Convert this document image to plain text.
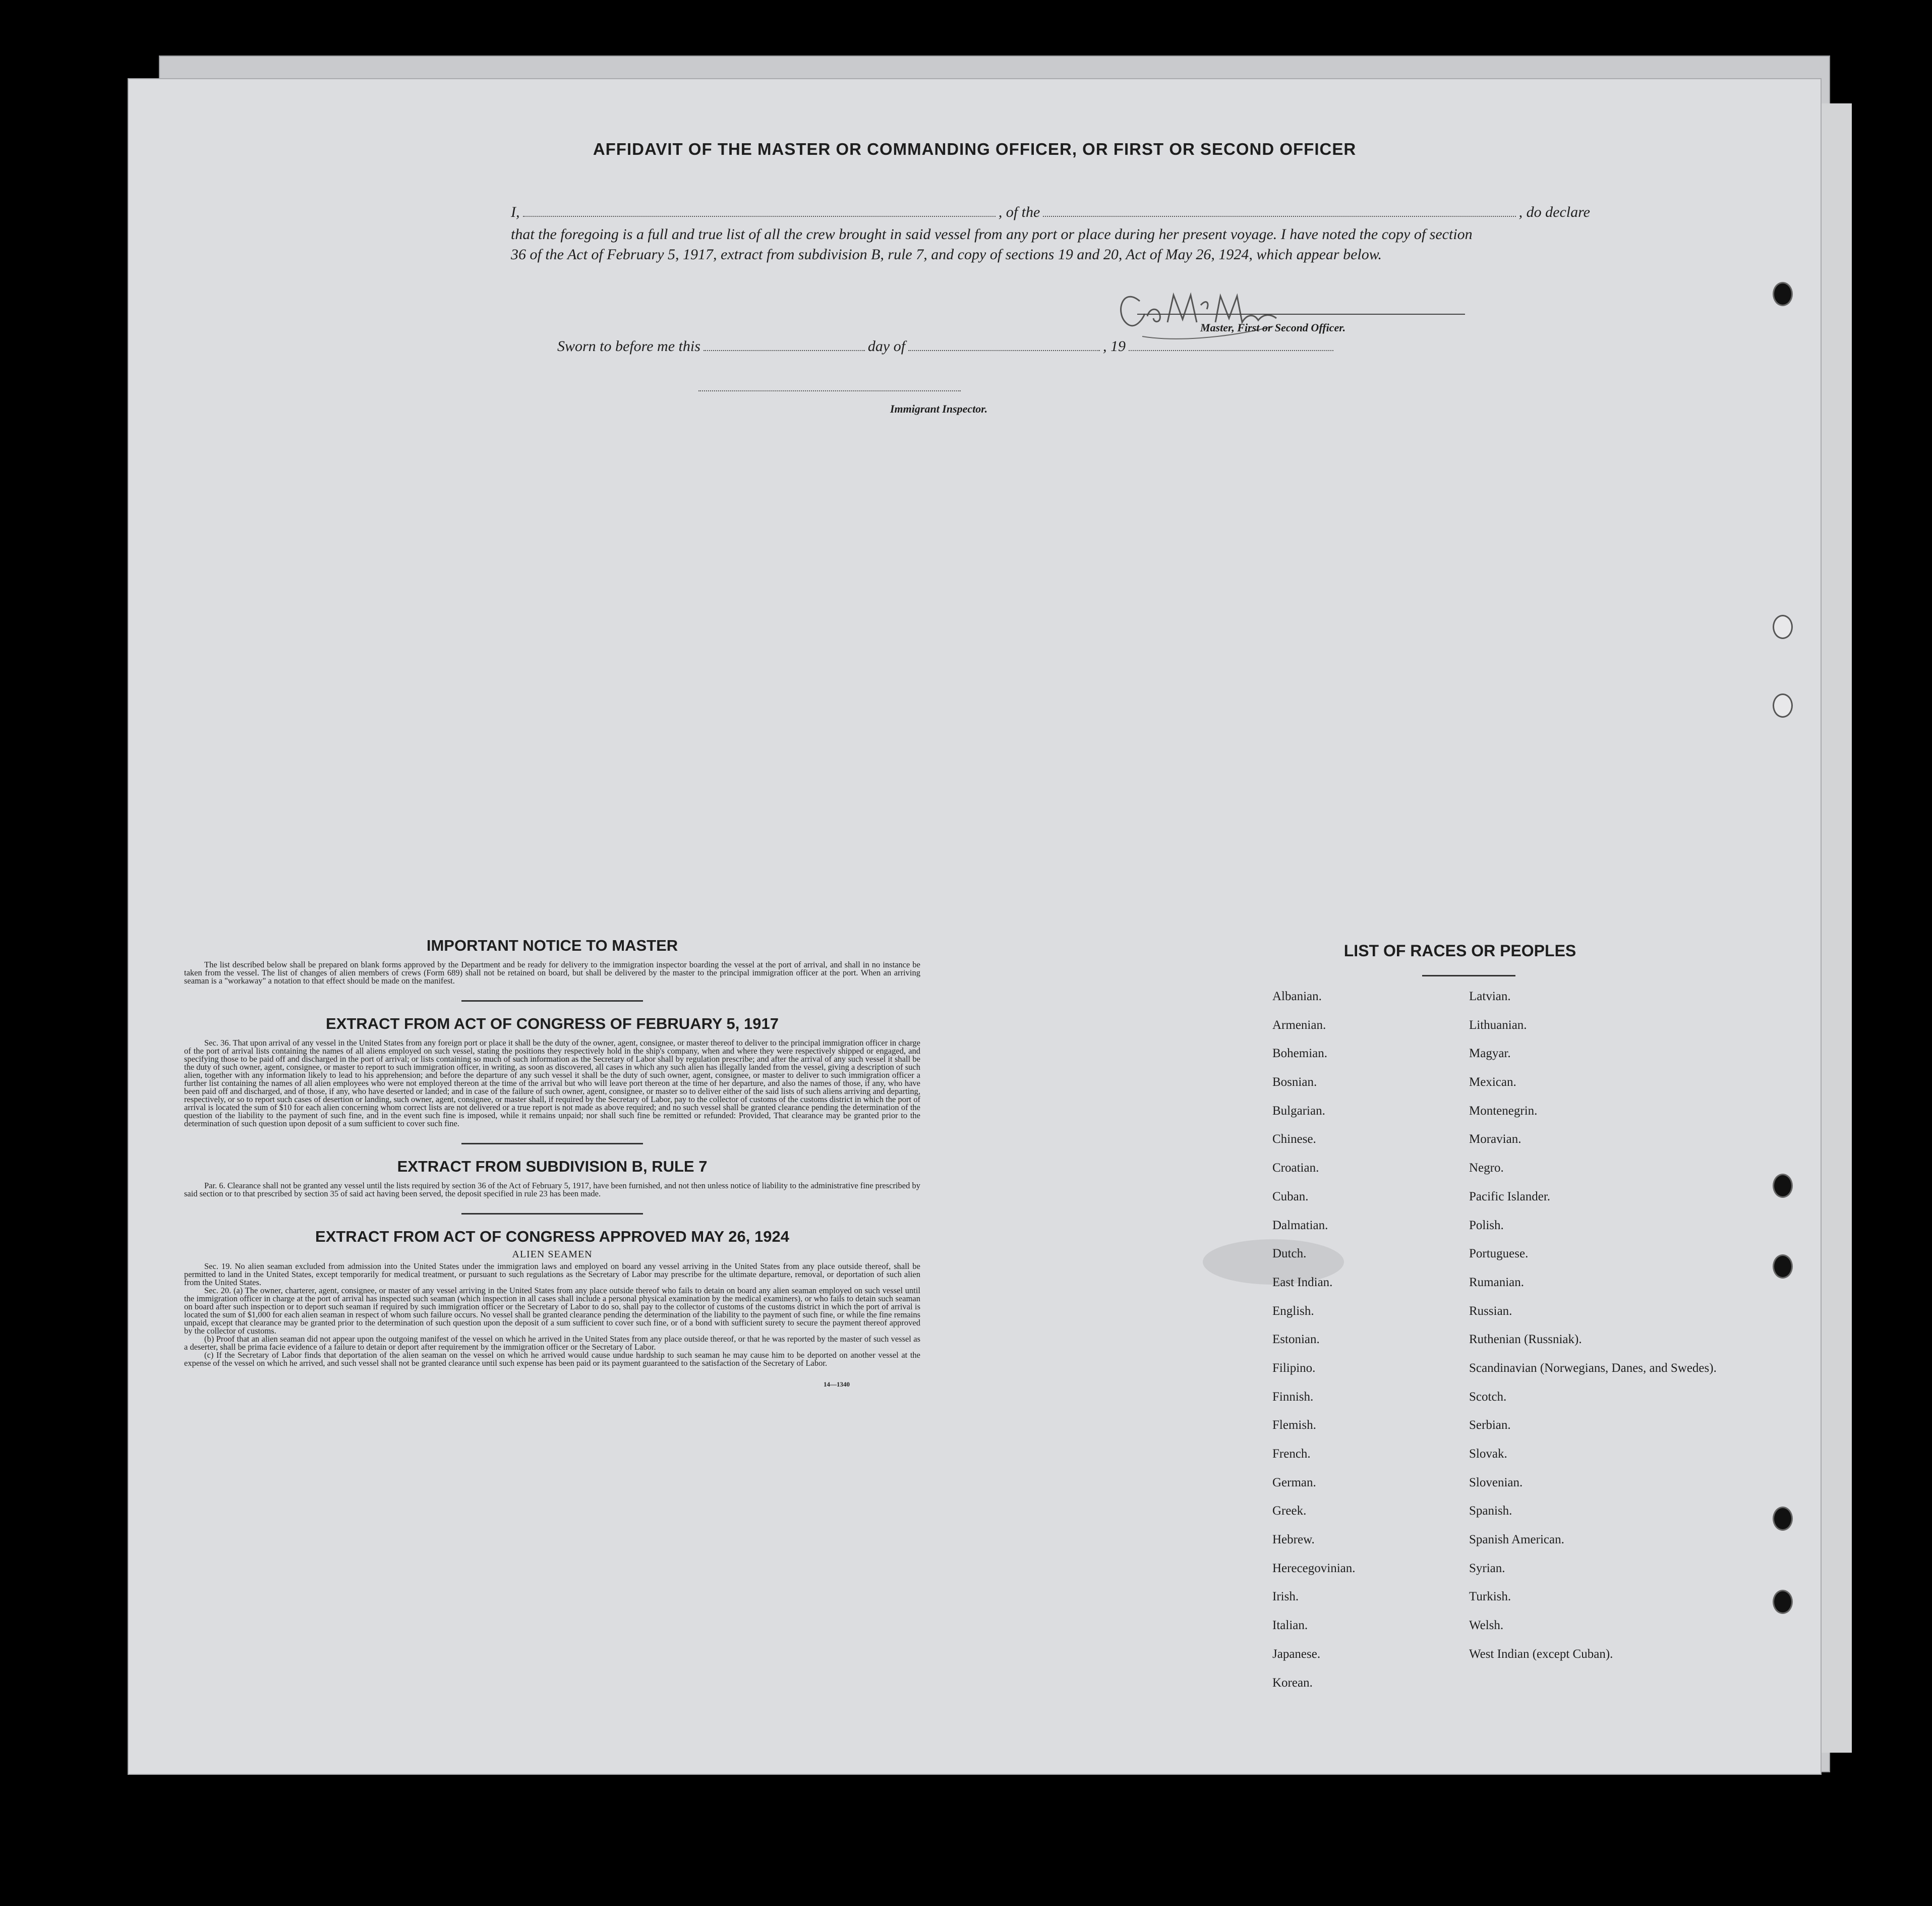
AFFIDAVIT OF THE MASTER OR COMMANDING OFFICER, OR FIRST OR SECOND OFFICER
I,	, of the	, do declare
that the foregoing is a full and true list of all the crew brought in said vessel from any port or place during her present voyage. I have noted the copy of section 36 of the Act of February 5, 1917, extract from subdivision B, rule 7, and copy of sections 19 and 20, Act of May 26, 1924, which appear below.
Master, First or Second Officer.
Sworn to before me this	day of	, 19
Immigrant Inspector.
IMPORTANT NOTICE TO MASTER

The list described below shall be prepared on blank forms approved by the Department and be ready for delivery to the immigration inspector boarding the vessel at the port of arrival, and shall in no instance be taken from the vessel. The list of changes of alien members of crews (Form 689) shall not be retained on board, but shall be delivered by the master to the principal immigration officer at the port. When an arriving seaman is a "workaway" a notation to that effect should be made on the manifest.

EXTRACT FROM ACT OF CONGRESS OF FEBRUARY 5, 1917

Sec. 36. That upon arrival of any vessel in the United States from any foreign port or place it shall be the duty of the owner, agent, consignee, or master thereof to deliver to the principal immigration officer in charge of the port of arrival lists containing the names of all aliens employed on such vessel, stating the positions they respectively hold in the ship's company, when and where they were respectively shipped or engaged, and specifying those to be paid off and discharged in the port of arrival; or lists containing so much of such information as the Secretary of Labor shall by regulation prescribe; and after the arrival of any such vessel it shall be the duty of such owner, agent, consignee, or master to report to such immigration officer, in writing, as soon as discovered, all cases in which any such alien has illegally landed from the vessel, giving a description of such alien, together with any information likely to lead to his apprehension; and before the departure of any such vessel it shall be the duty of such owner, agent, consignee, or master to deliver to such immigration officer a further list containing the names of all alien employees who were not employed thereon at the time of the arrival but who will leave port thereon at the time of her departure, and also the names of those, if any, who have been paid off and discharged, and of those, if any, who have deserted or landed; and in case of the failure of such owner, agent, consignee, or master so to deliver either of the said lists of such aliens arriving and departing, respectively, or so to report such cases of desertion or landing, such owner, agent, consignee, or master shall, if required by the Secretary of Labor, pay to the collector of customs of the customs district in which the port of arrival is located the sum of $10 for each alien concerning whom correct lists are not delivered or a true report is not made as above required; and no such vessel shall be granted clearance pending the determination of the question of the liability to the payment of such fine, and in the event such fine is imposed, while it remains unpaid; nor shall such fine be remitted or refunded: Provided, That clearance may be granted prior to the determination of such question upon deposit of a sum sufficient to cover such fine.

EXTRACT FROM SUBDIVISION B, RULE 7

Par. 6. Clearance shall not be granted any vessel until the lists required by section 36 of the Act of February 5, 1917, have been furnished, and not then unless notice of liability to the administrative fine prescribed by said section or to that prescribed by section 35 of said act having been served, the deposit specified in rule 23 has been made.

EXTRACT FROM ACT OF CONGRESS APPROVED MAY 26, 1924
ALIEN SEAMEN

Sec. 19. No alien seaman excluded from admission into the United States under the immigration laws and employed on board any vessel arriving in the United States from any place outside thereof, shall be permitted to land in the United States, except temporarily for medical treatment, or pursuant to such regulations as the Secretary of Labor may prescribe for the ultimate departure, removal, or deportation of such alien from the United States.

Sec. 20. (a) The owner, charterer, agent, consignee, or master of any vessel arriving in the United States from any place outside thereof who fails to detain on board any alien seaman employed on such vessel until the immigration officer in charge at the port of arrival has inspected such seaman (which inspection in all cases shall include a personal physical examination by the medical examiners), or who fails to detain such seaman on board after such inspection or to deport such seaman if required by such immigration officer or the Secretary of Labor to do so, shall pay to the collector of customs of the customs district in which the port of arrival is located the sum of $1,000 for each alien seaman in respect of whom such failure occurs. No vessel shall be granted clearance pending the determination of the liability to the payment of such fine, or while the fine remains unpaid, except that clearance may be granted prior to the determination of such question upon the deposit of a sum sufficient to cover such fine, or of a bond with sufficient surety to secure the payment thereof approved by the collector of customs.

(b) Proof that an alien seaman did not appear upon the outgoing manifest of the vessel on which he arrived in the United States from any place outside thereof, or that he was reported by the master of such vessel as a deserter, shall be prima facie evidence of a failure to detain or deport after requirement by the immigration officer or the Secretary of Labor.

(c) If the Secretary of Labor finds that deportation of the alien seaman on the vessel on which he arrived would cause undue hardship to such seaman he may cause him to be deported on another vessel at the expense of the vessel on which he arrived, and such vessel shall not be granted clearance until such expense has been paid or its payment guaranteed to the satisfaction of the Secretary of Labor.

14—1340
LIST OF RACES OR PEOPLES
Albanian.	Latvian.
Armenian.	Lithuanian.
Bohemian.	Magyar.
Bosnian.	Mexican.
Bulgarian.	Montenegrin.
Chinese.	Moravian.
Croatian.	Negro.
Cuban.	Pacific Islander.
Dalmatian.	Polish.
Dutch.	Portuguese.
East Indian.	Rumanian.
English.	Russian.
Estonian.	Ruthenian (Russniak).
Filipino.	Scandinavian (Norwegians, Danes, and Swedes).
Finnish.	Scotch.
Flemish.	Serbian.
French.	Slovak.
German.	Slovenian.
Greek.	Spanish.
Hebrew.	Spanish American.
Herecegovinian.	Syrian.
Irish.	Turkish.
Italian.	Welsh.
Japanese.	West Indian (except Cuban).
Korean.
